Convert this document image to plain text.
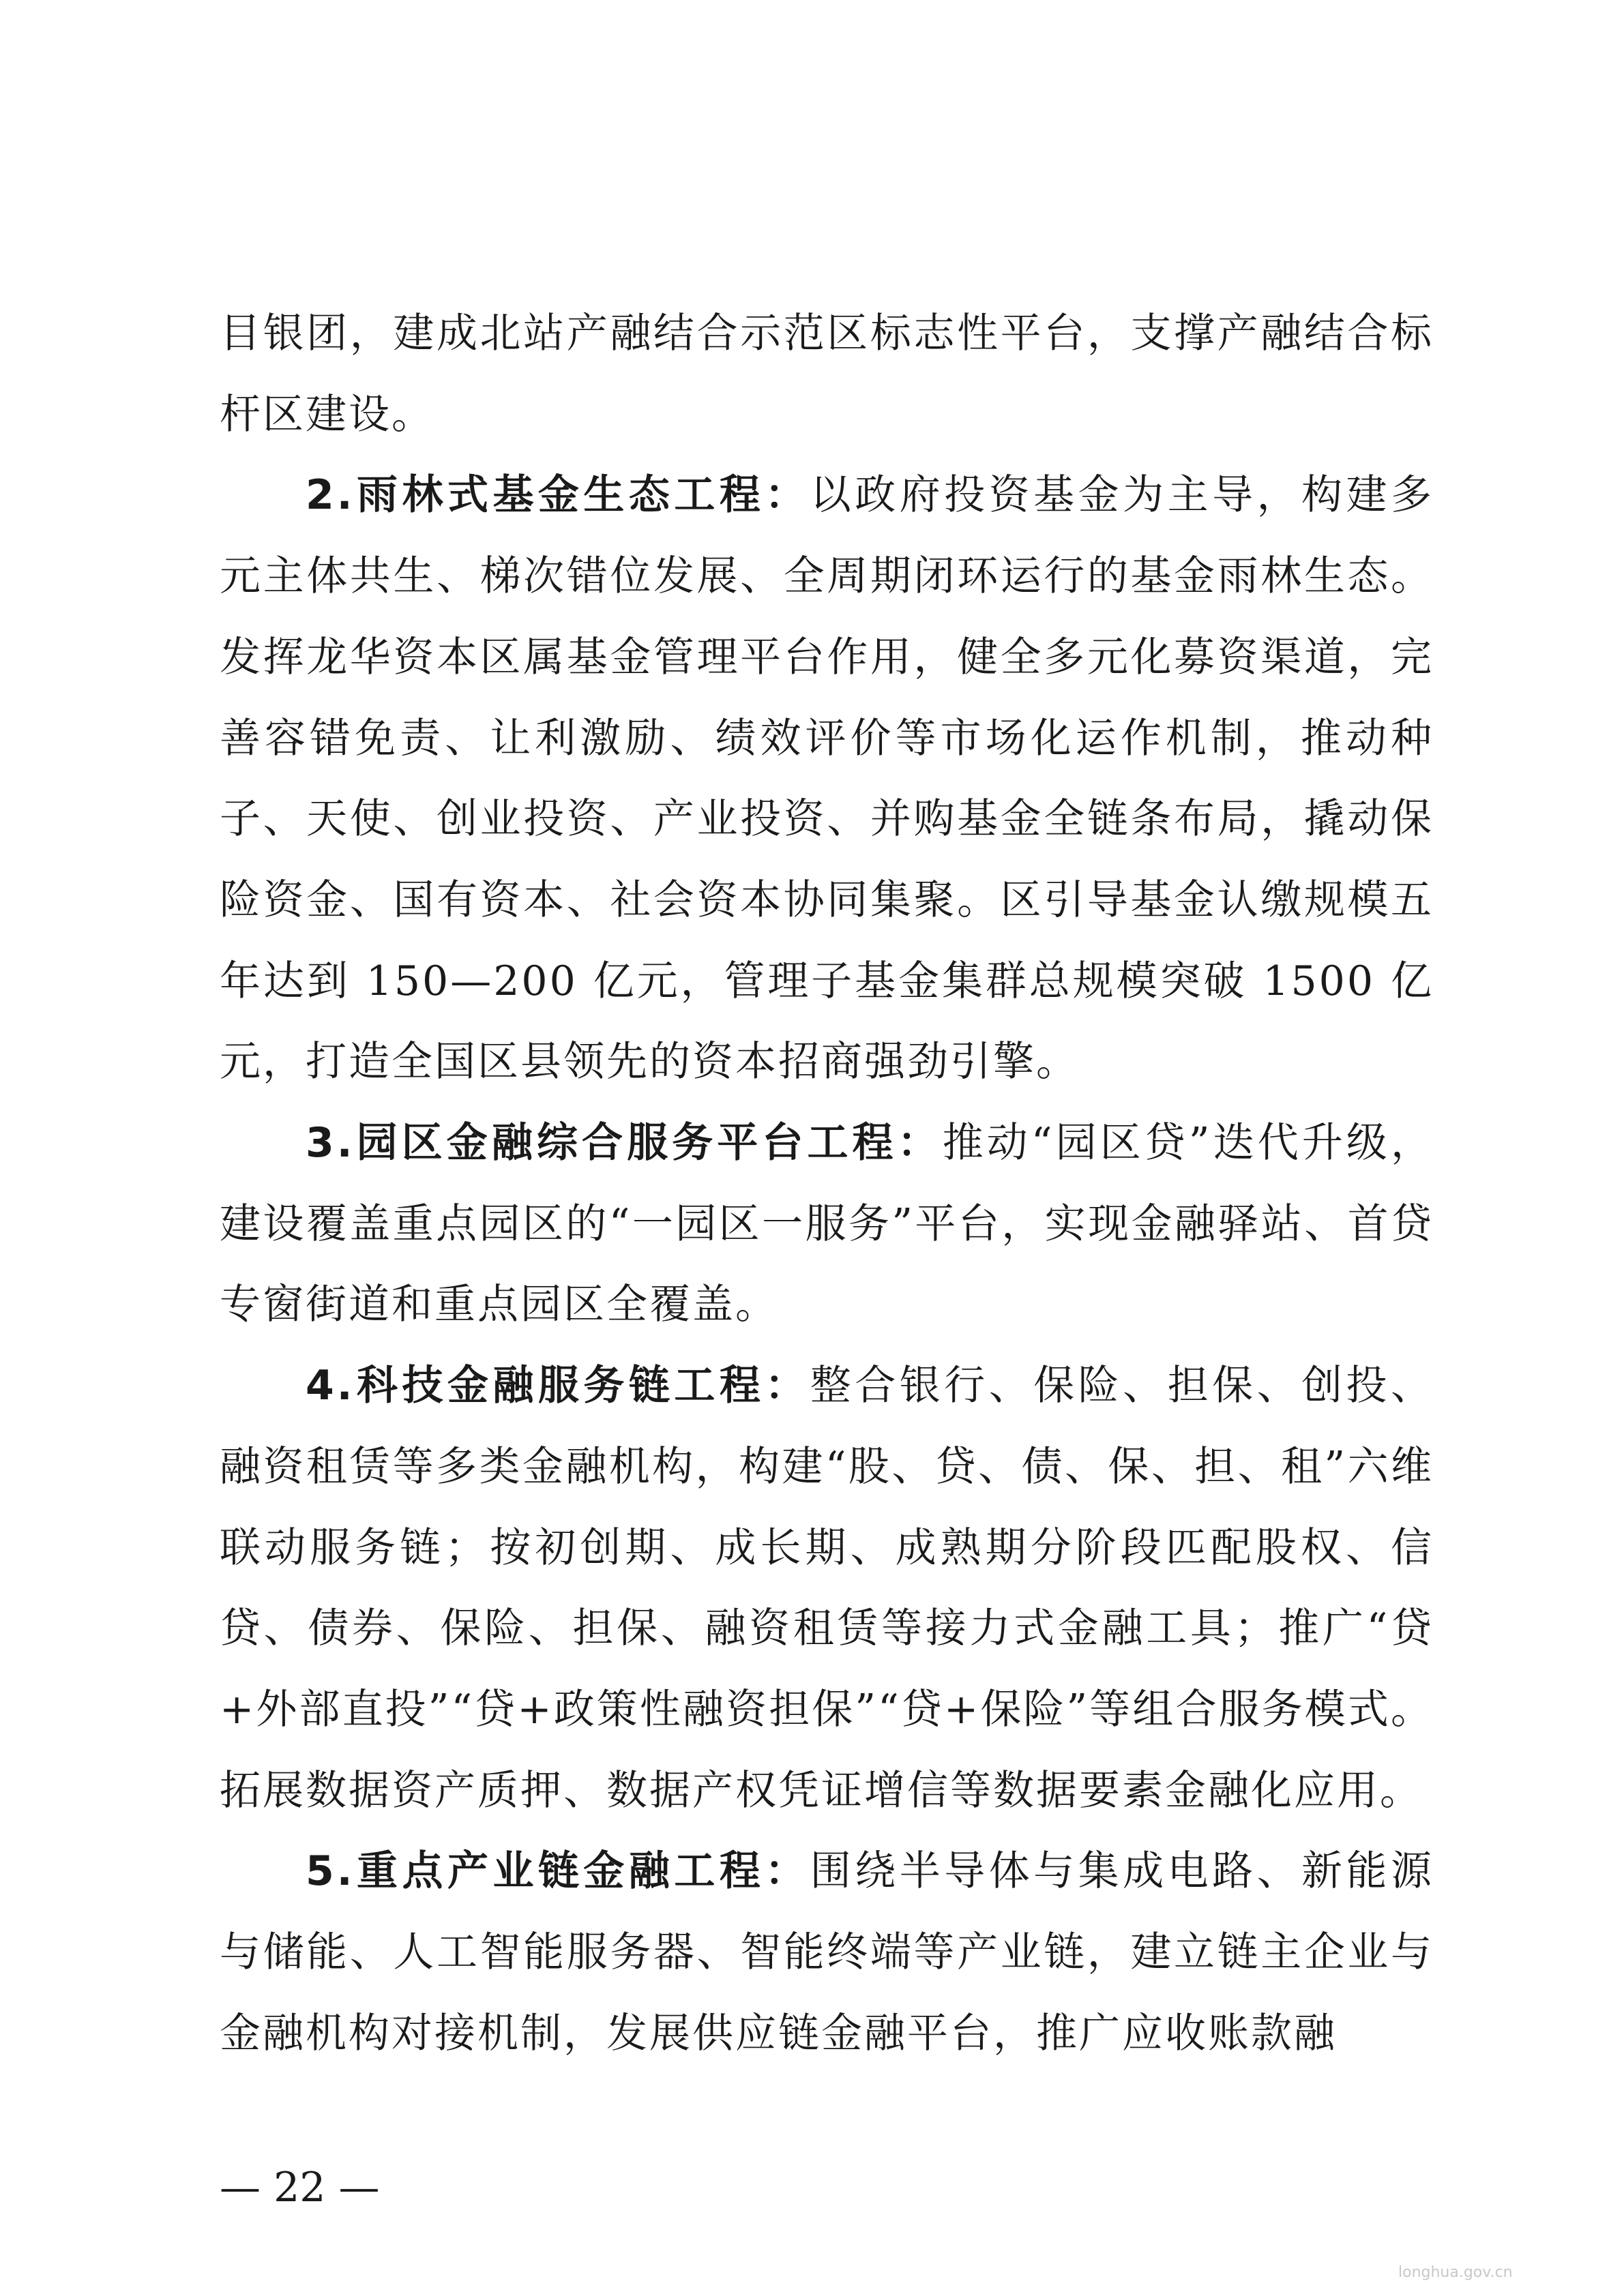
目银团，建成北站产融结合示范区标志性平台，支撑产融结合标杆区建设。

2.雨林式基金生态工程：以政府投资基金为主导，构建多元主体共生、梯次错位发展、全周期闭环运行的基金雨林生态。发挥龙华资本区属基金管理平台作用，健全多元化募资渠道，完善容错免责、让利激励、绩效评价等市场化运作机制，推动种子、天使、创业投资、产业投资、并购基金全链条布局，撬动保险资金、国有资本、社会资本协同集聚。区引导基金认缴规模五年达到 150—200 亿元，管理子基金集群总规模突破 1500 亿元，打造全国区县领先的资本招商强劲引擎。

3.园区金融综合服务平台工程：推动“园区贷”迭代升级，建设覆盖重点园区的“一园区一服务”平台，实现金融驿站、首贷专窗街道和重点园区全覆盖。

4.科技金融服务链工程：整合银行、保险、担保、创投、融资租赁等多类金融机构，构建“股、贷、债、保、担、租”六维联动服务链；按初创期、成长期、成熟期分阶段匹配股权、信贷、债券、保险、担保、融资租赁等接力式金融工具；推广“贷+外部直投”“贷+政策性融资担保”“贷+保险”等组合服务模式。拓展数据资产质押、数据产权凭证增信等数据要素金融化应用。

5.重点产业链金融工程：围绕半导体与集成电路、新能源与储能、人工智能服务器、智能终端等产业链，建立链主企业与金融机构对接机制，发展供应链金融平台，推广应收账款融

— 22 —
longhua.gov.cn
